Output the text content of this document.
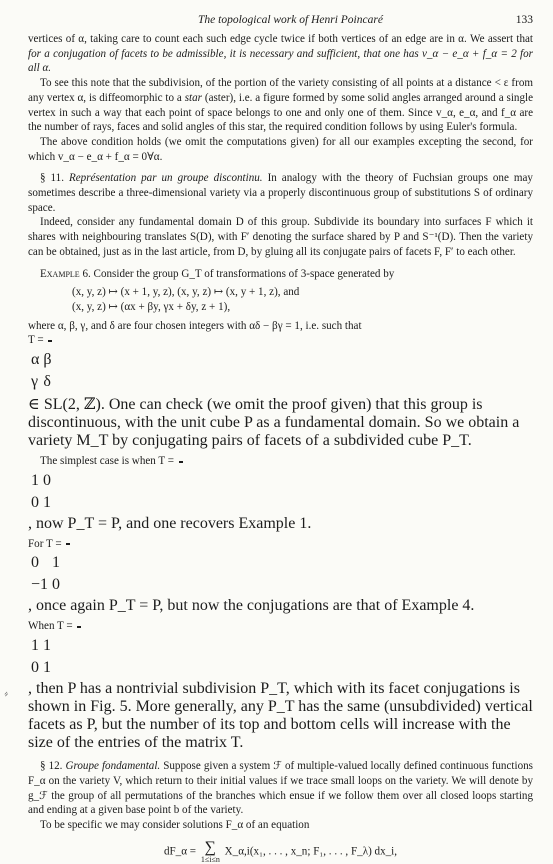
The topological work of Henri Poincaré	133

vertices of α, taking care to count each such edge cycle twice if both vertices of an edge are in α. We assert that for a conjugation of facets to be admissible, it is necessary and sufficient, that one has v_α − e_α + f_α = 2 for all α.

To see this note that the subdivision, of the portion of the variety consisting of all points at a distance < ε from any vertex α, is diffeomorphic to a star (aster), i.e. a figure formed by some solid angles arranged around a single vertex in such a way that each point of space belongs to one and only one of them. Since v_α, e_α, and f_α are the number of rays, faces and solid angles of this star, the required condition follows by using Euler's formula.

The above condition holds (we omit the computations given) for all our examples excepting the second, for which v_α − e_α + f_α = 0∀α.

§ 11. Représentation par un groupe discontinu. In analogy with the theory of Fuchsian groups one may sometimes describe a three-dimensional variety via a properly discontinuous group of substitutions S of ordinary space.

Indeed, consider any fundamental domain D of this group. Subdivide its boundary into surfaces F which it shares with neighbouring translates S(D), with F′ denoting the surface shared by P and S⁻¹(D). Then the variety can be obtained, just as in the last article, from D, by gluing all its conjugate pairs of facets F, F′ to each other.

Example 6. Consider the group G_T of transformations of 3-space generated by

(x, y, z) ↦ (x + 1, y, z), (x, y, z) ↦ (x, y + 1, z), and
(x, y, z) ↦ (αx + βy, γx + δy, z + 1),

where α, β, γ, and δ are four chosen integers with αδ − βγ = 1, i.e. such that
T =

α	β
γ	δ
∈ SL(2, ℤ). One can check (we omit the proof given) that this group is discontinuous, with the unit cube P as a fundamental domain. So we obtain a variety M_T by conjugating pairs of facets of a subdivided cube P_T.

The simplest case is when T =

1	0
0	1
, now P_T = P, and one recovers Example 1.

For T =

0	1
−1	0
, once again P_T = P, but now the conjugations are that of Example 4.

When T =

1	1
0	1
, then P has a nontrivial subdivision P_T, which with its facet conjugations is shown in Fig. 5. More generally, any P_T has the same (unsubdivided) vertical facets as P, but the number of its top and bottom cells will increase with the size of the entries of the matrix T.

§ 12. Groupe fondamental. Suppose given a system ℱ of multiple-valued locally defined continuous functions F_α on the variety V, which return to their initial values if we trace small loops on the variety. We will denote by g_ℱ the group of all permutations of the branches which ensue if we follow them over all closed loops starting and ending at a given base point b of the variety.

To be specific we may consider solutions F_α of an equation

dF_α = ∑
1≤i≤n
X_α,i(x₁, . . . , x_n; F₁, . . . , F_λ) dx_i,
⸗
